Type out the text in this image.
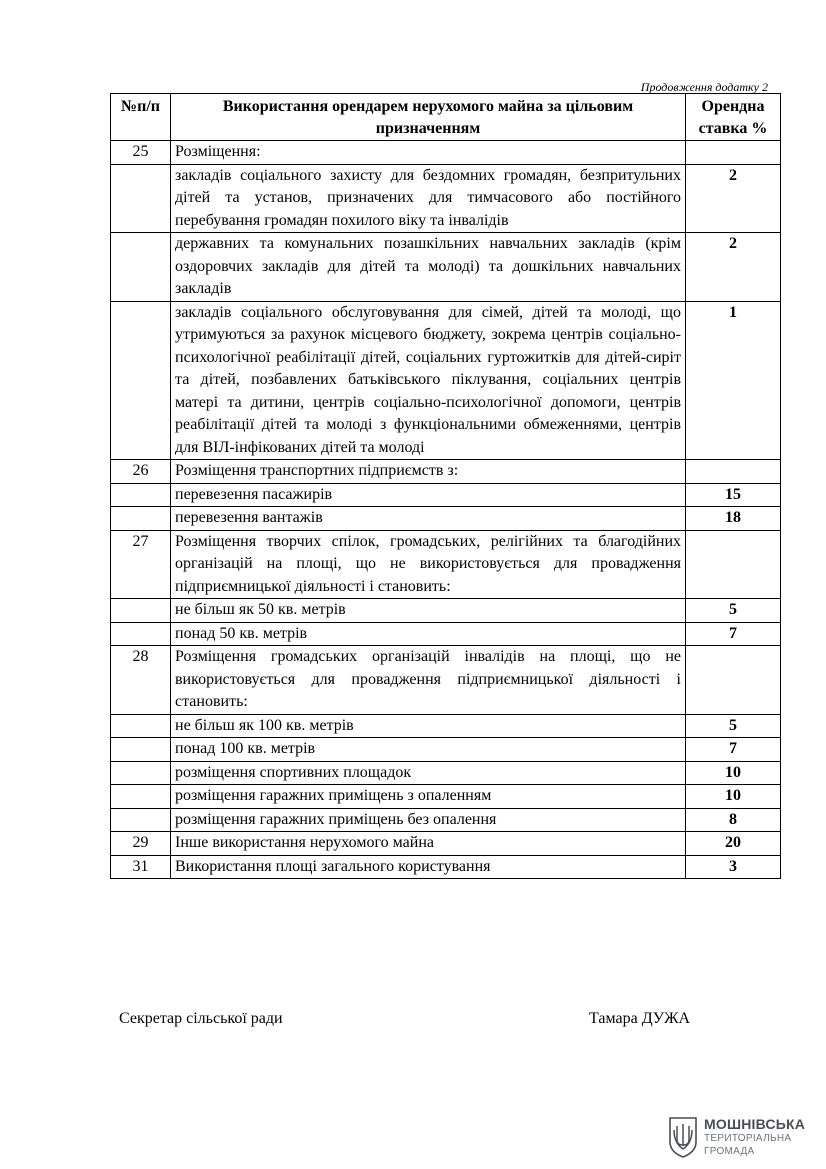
Продовження додатку 2
№п/п	Використання орендарем нерухомого майна за цільовим призначенням	Орендна ставка %
25	Розміщення:	
	закладів соціального захисту для бездомних громадян, безпритульних дітей та установ, призначених для тимчасового або постійного перебування громадян похилого віку та інвалідів	2
	державних та комунальних позашкільних навчальних закладів (крім оздоровчих закладів для дітей та молоді) та дошкільних навчальних закладів	2
	закладів соціального обслуговування для сімей, дітей та молоді, що утримуються за рахунок місцевого бюджету, зокрема центрів соціально-психологічної реабілітації дітей, соціальних гуртожитків для дітей-сиріт та дітей, позбавлених батьківського піклування, соціальних центрів матері та дитини, центрів соціально-психологічної допомоги, центрів реабілітації дітей та молоді з функціональними обмеженнями, центрів для ВІЛ-інфікованих дітей та молоді	1
26	Розміщення транспортних підприємств з:	
	перевезення пасажирів	15
	перевезення вантажів	18
27	Розміщення творчих спілок, громадських, релігійних та благодійних організацій на площі, що не використовується для провадження підприємницької діяльності і становить:	
	не більш як 50 кв. метрів	5
	понад 50 кв. метрів	7
28	Розміщення громадських організацій інвалідів на площі, що не використовується для провадження підприємницької діяльності і становить:	
	не більш як 100 кв. метрів	5
	понад 100 кв. метрів	7
	розміщення спортивних площадок	10
	розміщення гаражних приміщень з опаленням	10
	розміщення гаражних приміщень без опалення	8
29	Інше використання нерухомого майна	20
31	Використання площі загального користування	3
Секретар сільської ради	Тамара ДУЖА
МОШНІВСЬКА
ТЕРИТОРІАЛЬНА
ГРОМАДА
